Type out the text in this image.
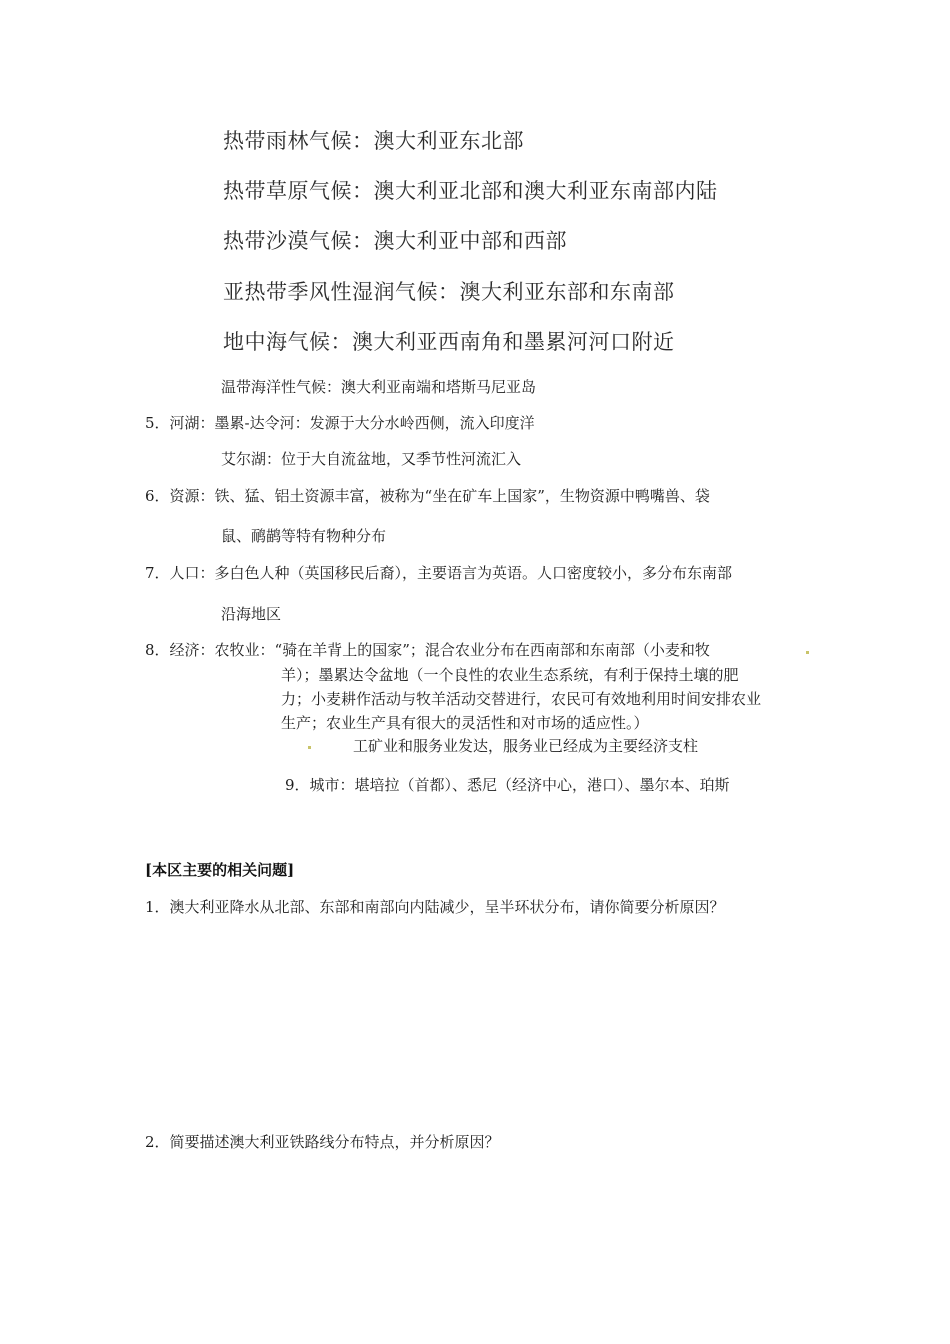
热带雨林气候：澳大利亚东北部
热带草原气候：澳大利亚北部和澳大利亚东南部内陆
热带沙漠气候：澳大利亚中部和西部
亚热带季风性湿润气候：澳大利亚东部和东南部
地中海气候：澳大利亚西南角和墨累河河口附近
温带海洋性气候：澳大利亚南端和塔斯马尼亚岛
5．河湖：墨累-达令河：发源于大分水岭西侧，流入印度洋
艾尔湖：位于大自流盆地，又季节性河流汇入
6．资源：铁、猛、铝土资源丰富，被称为“坐在矿车上国家”，生物资源中鸭嘴兽、袋
鼠、鸸鹋等特有物种分布
7．人口：多白色人种（英国移民后裔），主要语言为英语。人口密度较小，多分布东南部
沿海地区
8．经济：农牧业：“骑在羊背上的国家”；混合农业分布在西南部和东南部（小麦和牧
羊）；墨累达令盆地（一个良性的农业生态系统，有利于保持土壤的肥
力；小麦耕作活动与牧羊活动交替进行，农民可有效地利用时间安排农业
生产；农业生产具有很大的灵活性和对市场的适应性。）
工矿业和服务业发达，服务业已经成为主要经济支柱
9．城市：堪培拉（首都）、悉尼（经济中心，港口）、墨尔本、珀斯
[本区主要的相关问题]
1．澳大利亚降水从北部、东部和南部向内陆减少，呈半环状分布，请你简要分析原因？
2．简要描述澳大利亚铁路线分布特点，并分析原因？
